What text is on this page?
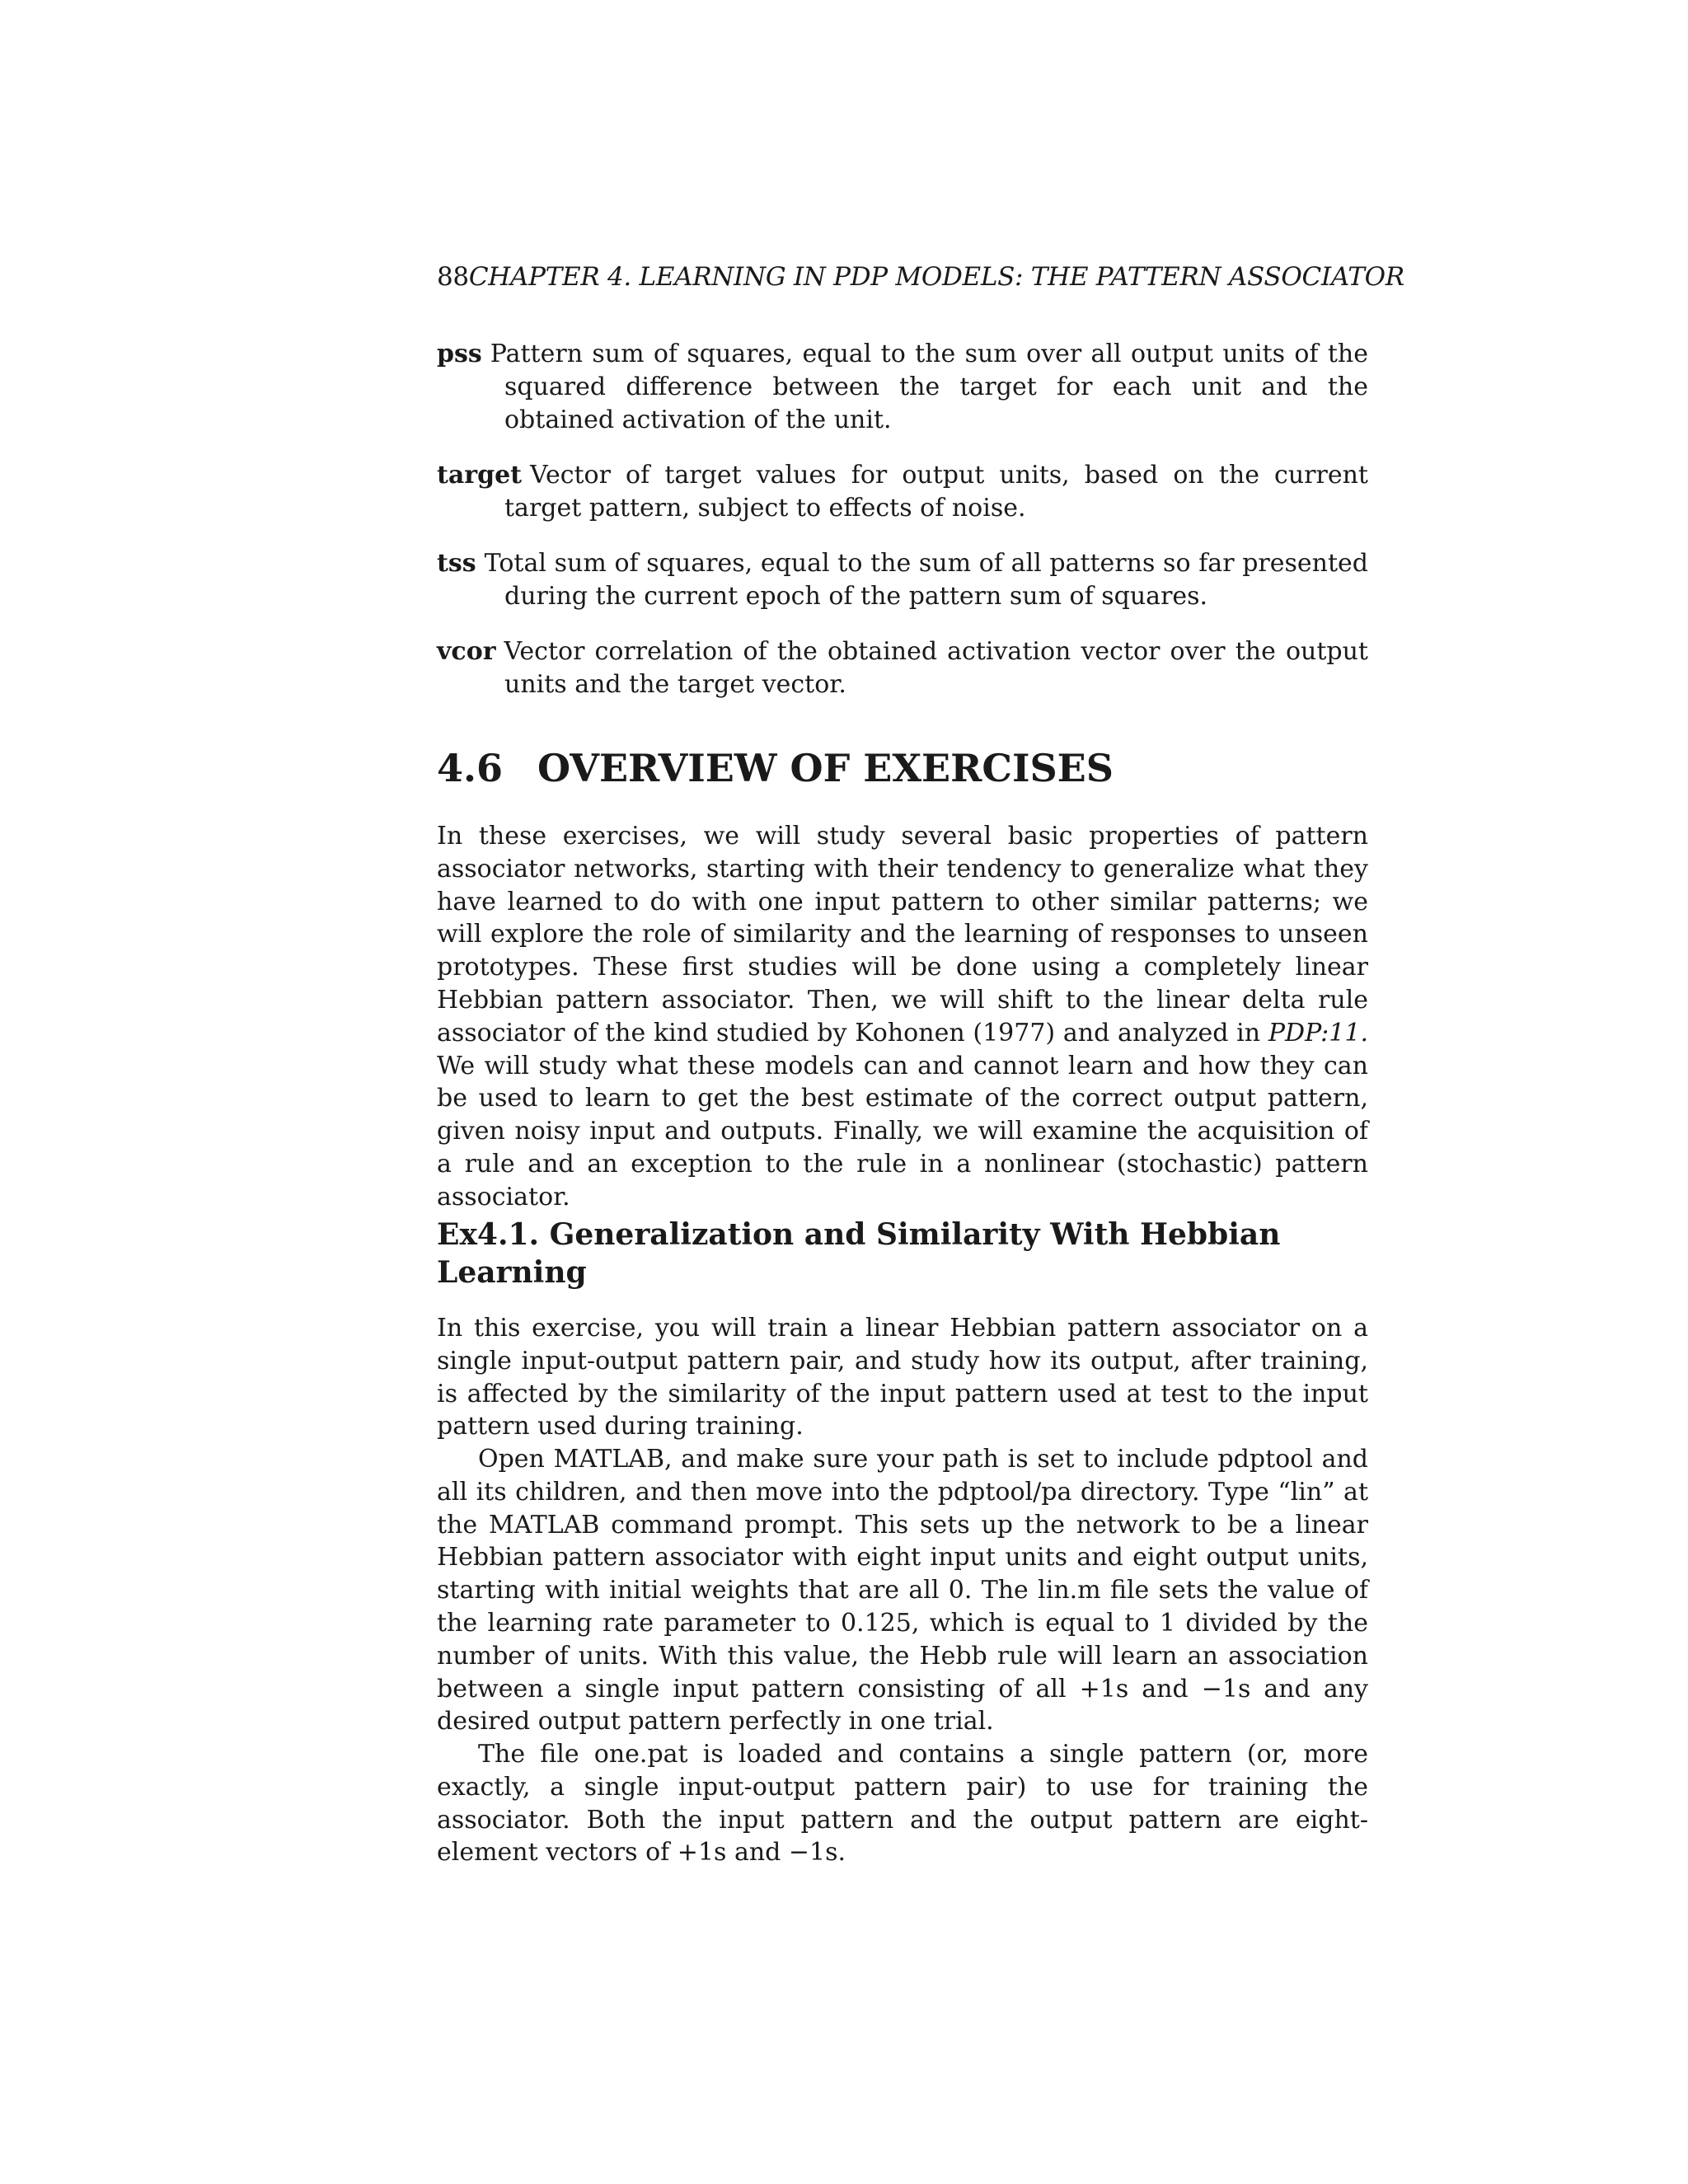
88CHAPTER 4. LEARNING IN PDP MODELS: THE PATTERN ASSOCIATOR
pss Pattern sum of squares, equal to the sum over all output units of the squared difference between the target for each unit and the obtained activation of the unit.
target Vector of target values for output units, based on the current target pattern, subject to effects of noise.
tss Total sum of squares, equal to the sum of all patterns so far presented during the current epoch of the pattern sum of squares.
vcor Vector correlation of the obtained activation vector over the output units and the target vector.
4.6 OVERVIEW OF EXERCISES
In these exercises, we will study several basic properties of pattern associator networks, starting with their tendency to generalize what they have learned to do with one input pattern to other similar patterns; we will explore the role of similarity and the learning of responses to unseen prototypes. These first studies will be done using a completely linear Hebbian pattern associator. Then, we will shift to the linear delta rule associator of the kind studied by Kohonen (1977) and analyzed in PDP:11. We will study what these models can and cannot learn and how they can be used to learn to get the best estimate of the correct output pattern, given noisy input and outputs. Finally, we will examine the acquisition of a rule and an exception to the rule in a nonlinear (stochastic) pattern associator.
Ex4.1. Generalization and Similarity With Hebbian Learning
In this exercise, you will train a linear Hebbian pattern associator on a single input-output pattern pair, and study how its output, after training, is affected by the similarity of the input pattern used at test to the input pattern used during training.
Open MATLAB, and make sure your path is set to include pdptool and all its children, and then move into the pdptool/pa directory. Type “lin” at the MATLAB command prompt. This sets up the network to be a linear Hebbian pattern associator with eight input units and eight output units, starting with initial weights that are all 0. The lin.m file sets the value of the learning rate parameter to 0.125, which is equal to 1 divided by the number of units. With this value, the Hebb rule will learn an association between a single input pattern consisting of all +1s and −1s and any desired output pattern perfectly in one trial.
The file one.pat is loaded and contains a single pattern (or, more exactly, a single input-output pattern pair) to use for training the associator. Both the input pattern and the output pattern are eight-element vectors of +1s and −1s.
